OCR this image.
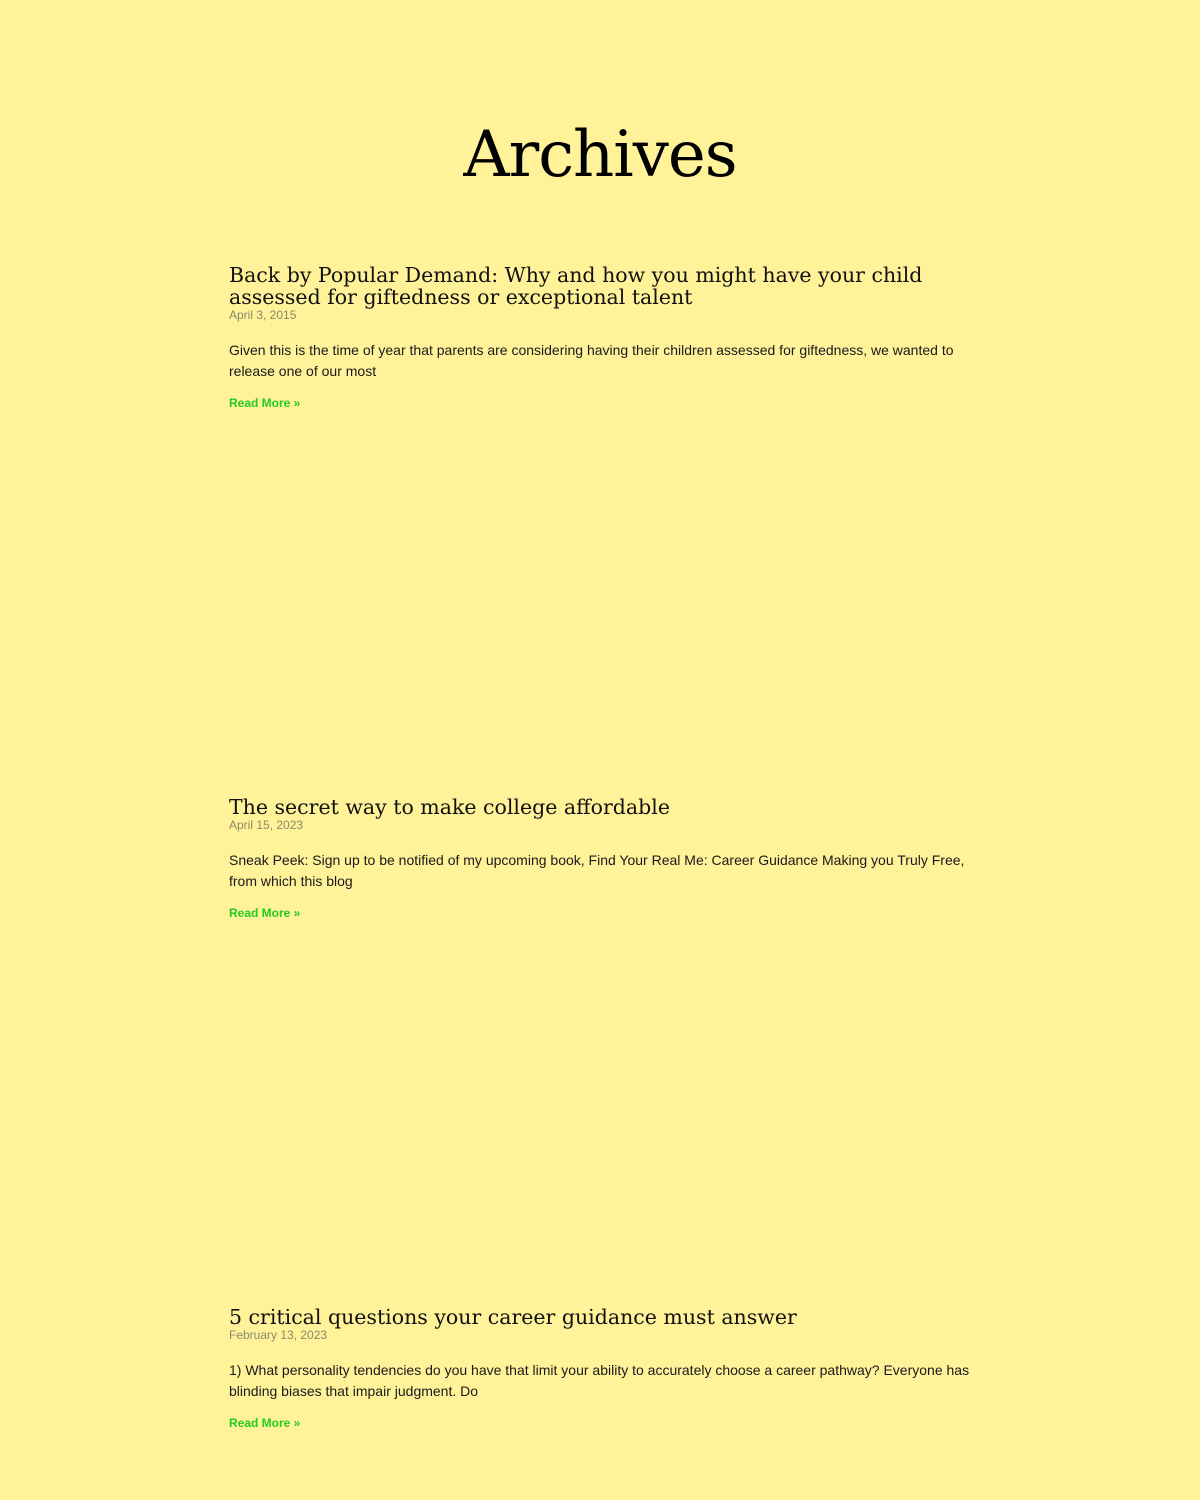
Archives
Back by Popular Demand: Why and how you might have your child assessed for giftedness or exceptional talent

April 3, 2015

Given this is the time of year that parents are considering having their children assessed for giftedness, we wanted to release one of our most

Read More »
The secret way to make college affordable

April 15, 2023

Sneak Peek: Sign up to be notified of my upcoming book, Find Your Real Me: Career Guidance Making you Truly Free, from which this blog

Read More »
5 critical questions your career guidance must answer

February 13, 2023

1) What personality tendencies do you have that limit your ability to accurately choose a career pathway? Everyone has blinding biases that impair judgment. Do

Read More »
